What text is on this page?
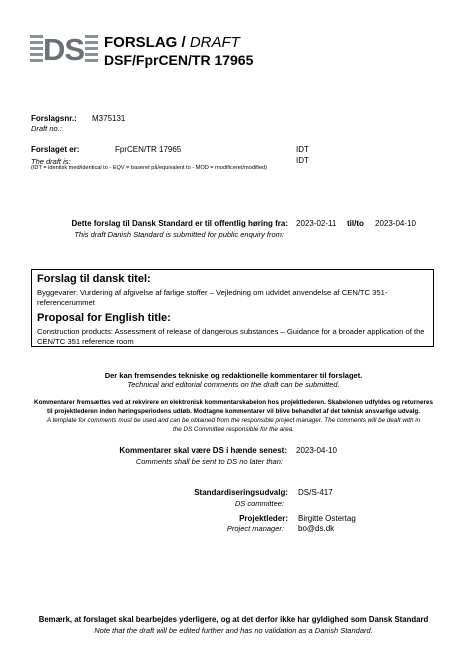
DS FORSLAG / DRAFT
DSF/FprCEN/TR 17965
Forslagsnr.: M375131
Draft no.:
Forslaget er:	FprCEN/TR 17965	IDT
The draft is:	IDT
(IDT = identisk med/identical to - EQV = baseret på/equivalent to - MOD = modificeret/modified)
Dette forslag til Dansk Standard er til offentlig høring fra: 2023-02-11 til/to 2023-04-10
This draft Danish Standard is submitted for public enquiry from:
Forslag til dansk titel:
Byggevarer: Vurdering af afgivelse af farlige stoffer – Vejledning om udvidet anvendelse af CEN/TC 351-referencerummet
Proposal for English title:
Construction products: Assessment of release of dangerous substances – Guidance for a broader application of the CEN/TC 351 reference room
Der kan fremsendes tekniske og redaktionelle kommentarer til forslaget.
Technical and editorial comments on the draft can be submitted.
Kommentarer fremsættes ved at rekvirere en elektronisk kommentarskabelon hos projektlederen. Skabelonen udfyldes og returneres
til projektlederen inden høringsperiodens udløb. Modtagne kommentarer vil blive behandlet af det teknisk ansvarlige udvalg.
A template for comments must be used and can be obtained from the responsible project manager. The comments will be dealt with in
the DS Committee responsible for the area.
Kommentarer skal være DS i hænde senest: 2023-04-10
Comments shall be sent to DS no later than:
Standardiseringsudvalg: DS/S-417
DS committee:
Projektleder: Birgitte Ostertag
Project manager: bo@ds.dk
Bemærk, at forslaget skal bearbejdes yderligere, og at det derfor ikke har gyldighed som Dansk Standard
Note that the draft will be edited further and has no validation as a Danish Standard.
